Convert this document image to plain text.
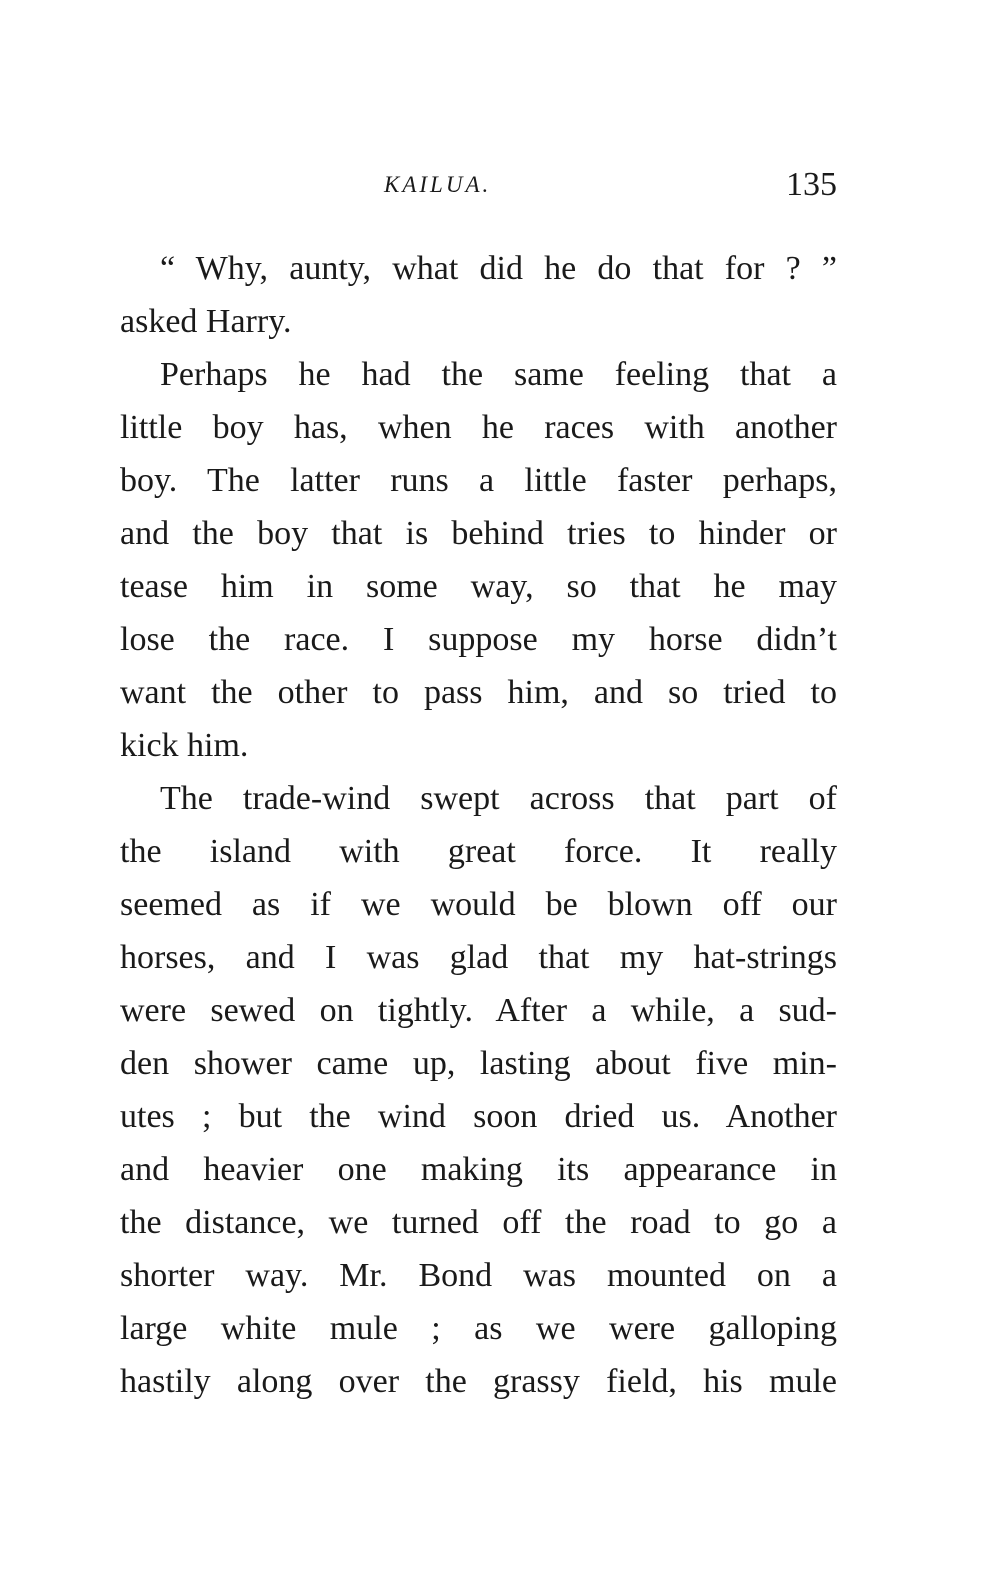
KAILUA.	135
“ Why, aunty, what did he do that for ? ”
asked Harry.
Perhaps he had the same feeling that a
little boy has, when he races with another
boy. The latter runs a little faster perhaps,
and the boy that is behind tries to hinder or
tease him in some way, so that he may
lose the race. I suppose my horse didn’t
want the other to pass him, and so tried to
kick him.
The trade-wind swept across that part of
the island with great force. It really
seemed as if we would be blown off our
horses, and I was glad that my hat-strings
were sewed on tightly. After a while, a sud-
den shower came up, lasting about five min-
utes ; but the wind soon dried us. Another
and heavier one making its appearance in
the distance, we turned off the road to go a
shorter way. Mr. Bond was mounted on a
large white mule ; as we were galloping
hastily along over the grassy field, his mule
